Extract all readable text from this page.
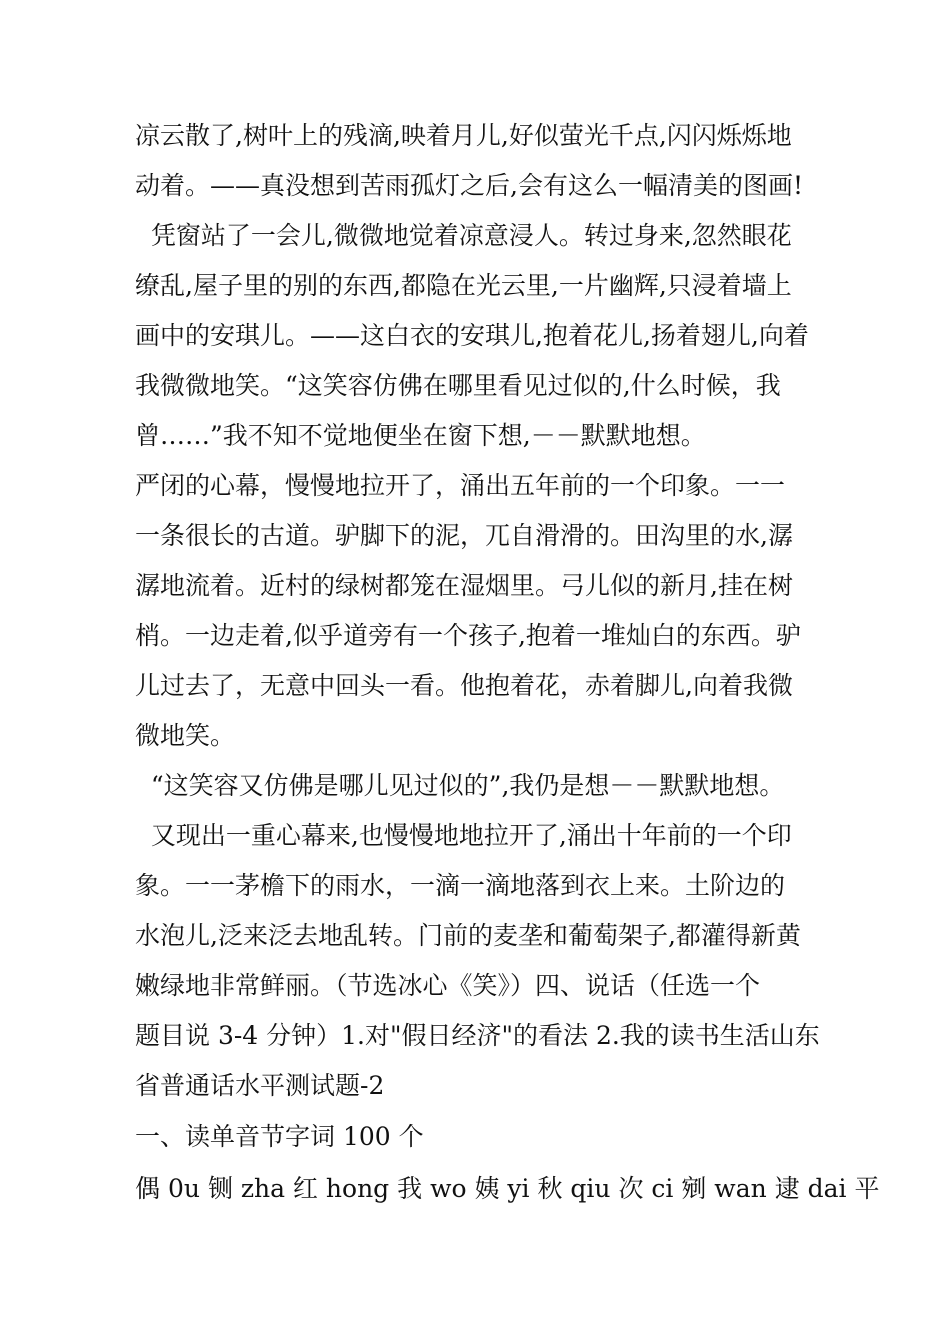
凉云散了,树叶上的残滴,映着月儿,好似萤光千点,闪闪烁烁地
动着。——真没想到苦雨孤灯之后,会有这么一幅清美的图画!
凭窗站了一会儿,微微地觉着凉意浸人。转过身来,忽然眼花
缭乱,屋子里的别的东西,都隐在光云里,一片幽辉,只浸着墙上
画中的安琪儿。——这白衣的安琪儿,抱着花儿,扬着翅儿,向着
我微微地笑。“这笑容仿佛在哪里看见过似的,什么时候，我
曾……”我不知不觉地便坐在窗下想,－－默默地想。
严闭的心幕，慢慢地拉开了，涌出五年前的一个印象。一一
一条很长的古道。驴脚下的泥，兀自滑滑的。田沟里的水,潺
潺地流着。近村的绿树都笼在湿烟里。弓儿似的新月,挂在树
梢。一边走着,似乎道旁有一个孩子,抱着一堆灿白的东西。驴
儿过去了，无意中回头一看。他抱着花，赤着脚儿,向着我微
微地笑。
“这笑容又仿佛是哪儿见过似的”,我仍是想－－默默地想。
又现出一重心幕来,也慢慢地地拉开了,涌出十年前的一个印
象。一一茅檐下的雨水，一滴一滴地落到衣上来。土阶边的
水泡儿,泛来泛去地乱转。门前的麦垄和葡萄架子,都灌得新黄
嫩绿地非常鲜丽。（节选冰心《笑》）四、说话（任选一个
题目说 3-4 分钟）1.对"假日经济"的看法 2.我的读书生活山东
省普通话水平测试题-2
一、读单音节字词 100 个
偶 0u 铡 zha 红 hong 我 wo 姨 yi 秋 qiu 次 ci 剜 wan 逮 dai 平
